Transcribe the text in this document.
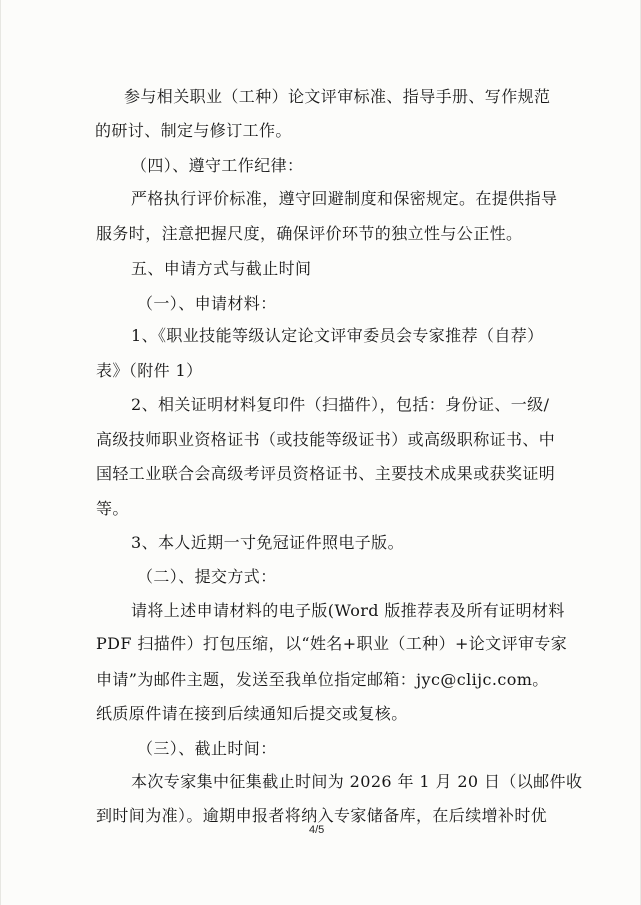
参与相关职业（工种）论文评审标准、指导手册、写作规范
的研讨、制定与修订工作。
（四）、遵守工作纪律：
严格执行评价标准，遵守回避制度和保密规定。在提供指导
服务时，注意把握尺度，确保评价环节的独立性与公正性。
五、申请方式与截止时间
（一）、申请材料：
1、《职业技能等级认定论文评审委员会专家推荐（自荐）
表》（附件 1）
2、相关证明材料复印件（扫描件），包括：身份证、一级/
高级技师职业资格证书（或技能等级证书）或高级职称证书、中
国轻工业联合会高级考评员资格证书、主要技术成果或获奖证明
等。
3、本人近期一寸免冠证件照电子版。
（二）、提交方式：
请将上述申请材料的电子版(Word 版推荐表及所有证明材料
PDF 扫描件）打包压缩，以“姓名+职业（工种）+论文评审专家
申请”为邮件主题，发送至我单位指定邮箱：jyc@clijc.com。
纸质原件请在接到后续通知后提交或复核。
（三）、截止时间：
本次专家集中征集截止时间为 2026 年 1 月 20 日（以邮件收
到时间为准）。逾期申报者将纳入专家储备库，在后续增补时优
4/5
